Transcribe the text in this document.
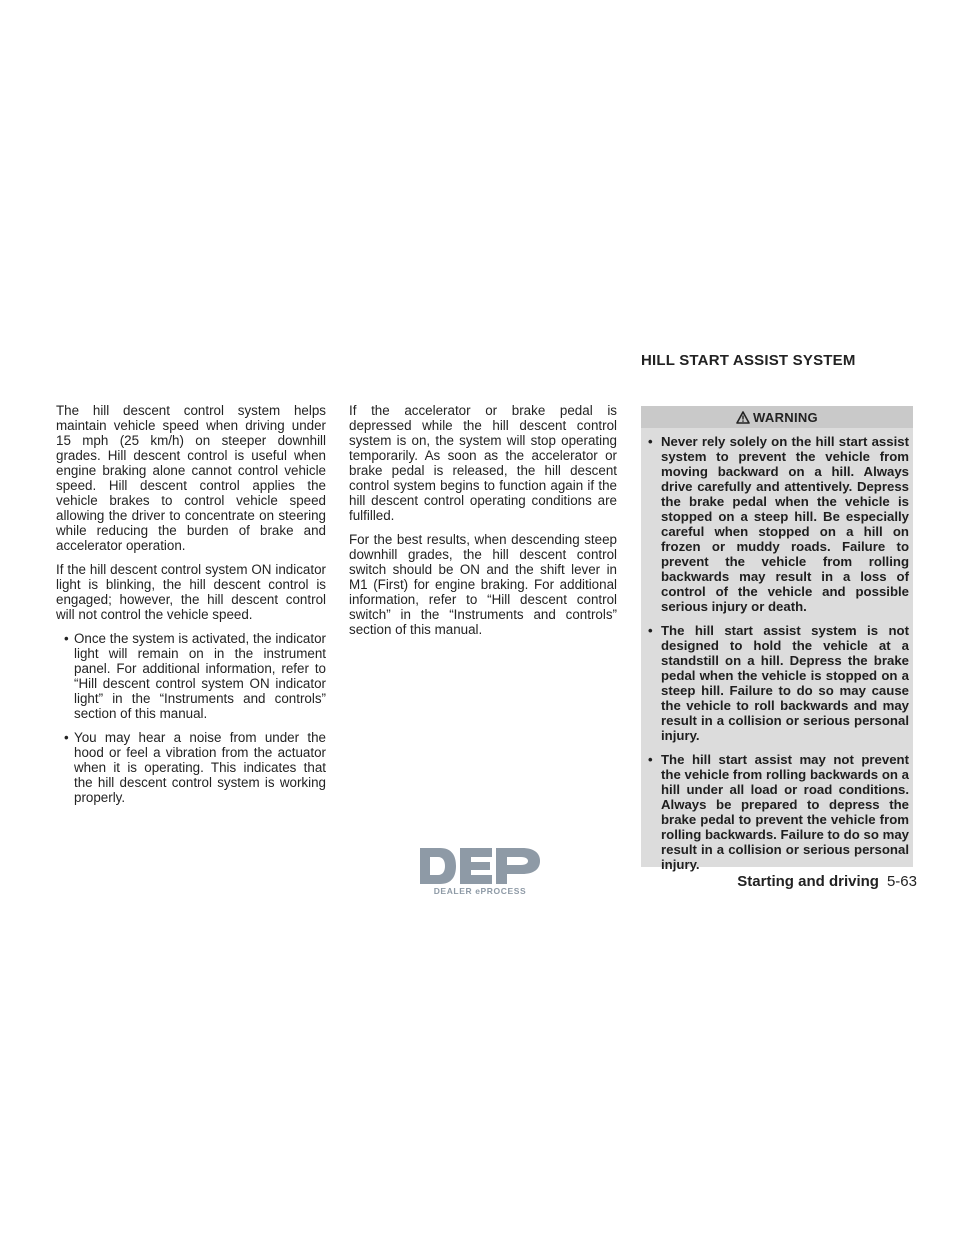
The hill descent control system helps maintain vehicle speed when driving under 15 mph (25 km/h) on steeper downhill grades. Hill descent control is useful when engine braking alone cannot control vehicle speed. Hill descent control applies the vehicle brakes to control vehicle speed allowing the driver to concentrate on steering while reducing the burden of brake and accelerator operation.

If the hill descent control system ON indicator light is blinking, the hill descent control is engaged; however, the hill descent control will not control the vehicle speed.

• Once the system is activated, the indicator light will remain on in the instrument panel. For additional information, refer to “Hill descent control system ON indicator light” in the “Instruments and controls” section of this manual.
• You may hear a noise from under the hood or feel a vibration from the actuator when it is operating. This indicates that the hill descent control system is working properly.

If the accelerator or brake pedal is depressed while the hill descent control system is on, the system will stop operating temporarily. As soon as the accelerator or brake pedal is released, the hill descent control system begins to function again if the hill descent control operating conditions are fulfilled.

For the best results, when descending steep downhill grades, the hill descent control switch should be ON and the shift lever in M1 (First) for engine braking. For additional information, refer to “Hill descent control switch” in the “Instruments and controls” section of this manual.

HILL START ASSIST SYSTEM
WARNING
• Never rely solely on the hill start assist system to prevent the vehicle from moving backward on a hill. Always drive carefully and attentively. Depress the brake pedal when the vehicle is stopped on a steep hill. Be especially careful when stopped on a hill on frozen or muddy roads. Failure to prevent the vehicle from rolling backwards may result in a loss of control of the vehicle and possible serious injury or death.
• The hill start assist system is not designed to hold the vehicle at a standstill on a hill. Depress the brake pedal when the vehicle is stopped on a steep hill. Failure to do so may cause the vehicle to roll backwards and may result in a collision or serious personal injury.
• The hill start assist may not prevent the vehicle from rolling backwards on a hill under all load or road conditions. Always be prepared to depress the brake pedal to prevent the vehicle from rolling backwards. Failure to do so may result in a collision or serious personal injury.
DEALER ePROCESS
Starting and driving 5-63
